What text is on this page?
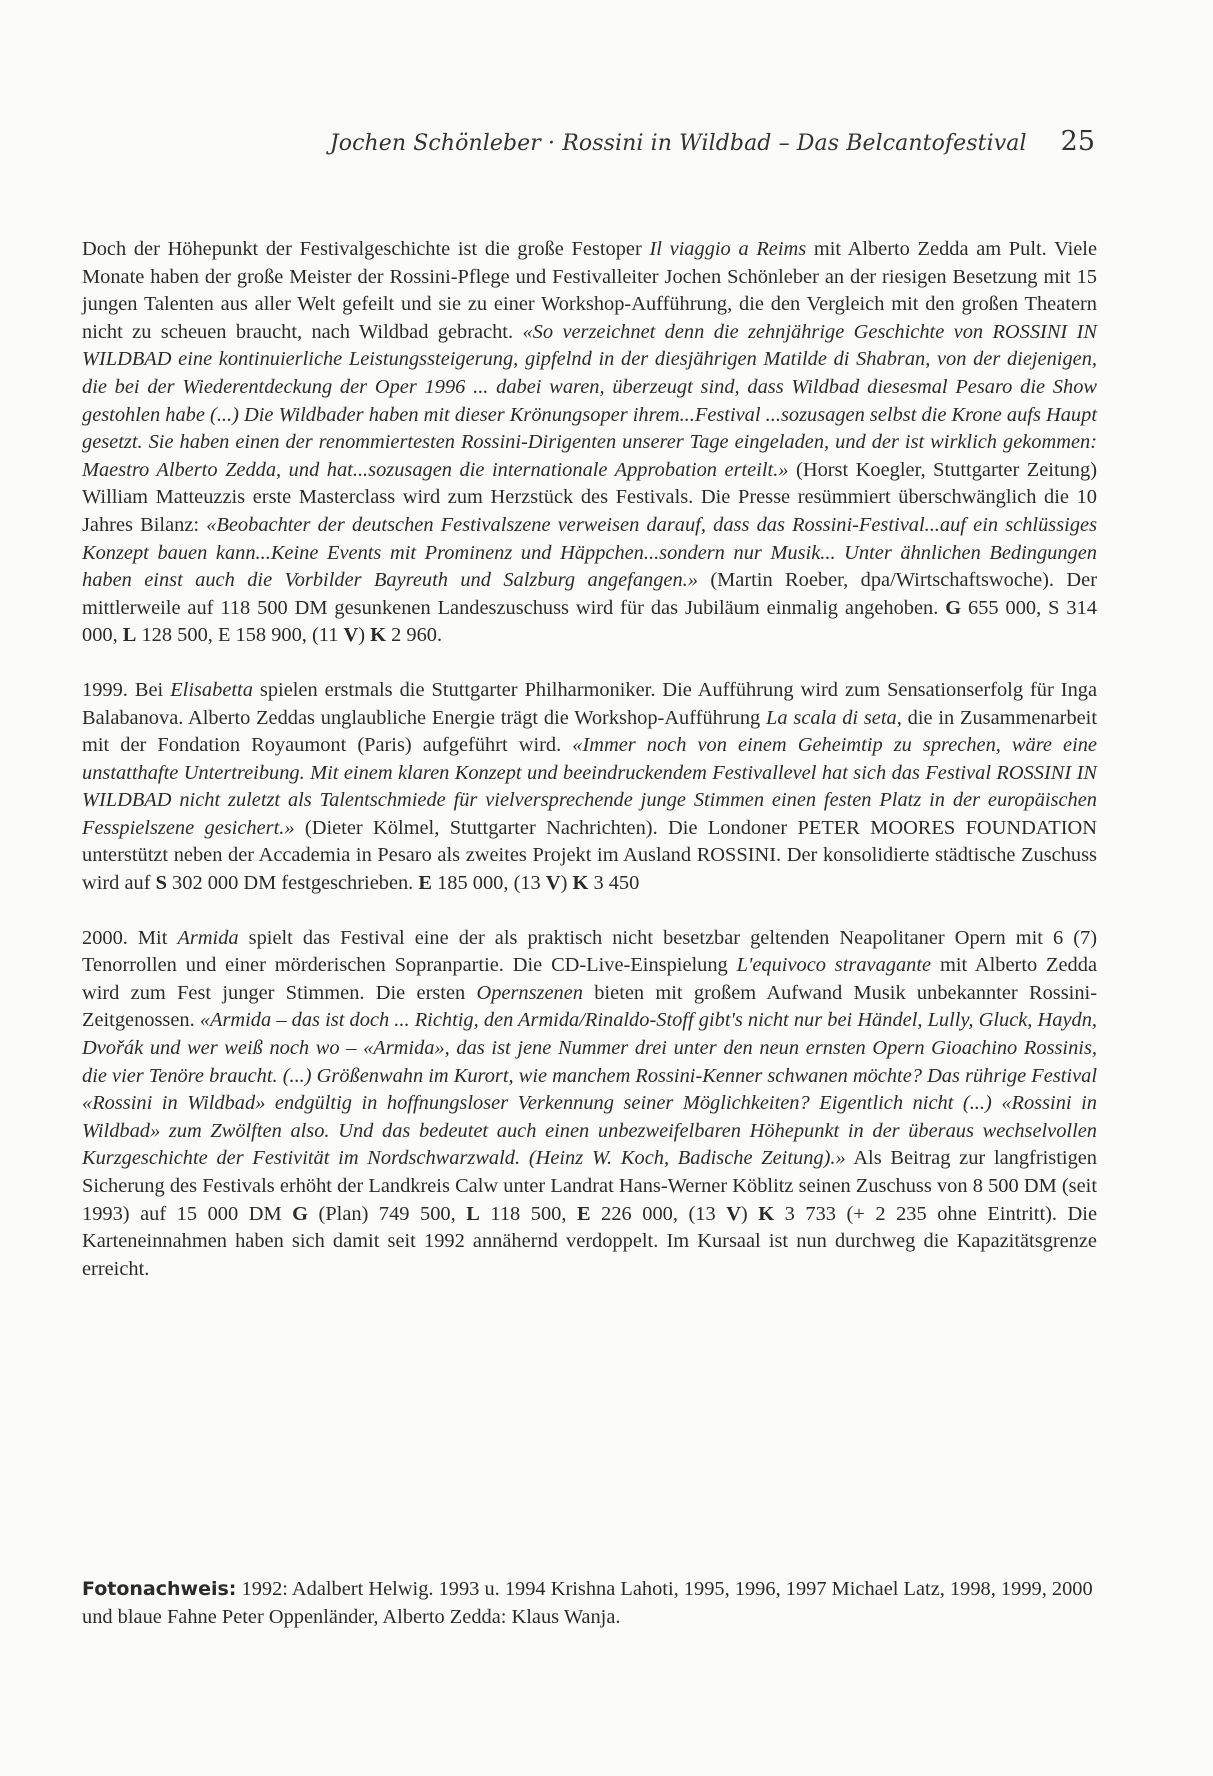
Jochen Schönleber · Rossini in Wildbad – Das Belcantofestival 25

Doch der Höhepunkt der Festivalgeschichte ist die große Festoper Il viaggio a Reims mit Alberto Zedda am Pult. Viele Monate haben der große Meister der Rossini-Pflege und Festivalleiter Jochen Schönleber an der riesigen Besetzung mit 15 jungen Talenten aus aller Welt gefeilt und sie zu einer Workshop-Aufführung, die den Vergleich mit den großen Theatern nicht zu scheuen braucht, nach Wildbad gebracht. «So verzeichnet denn die zehnjährige Geschichte von ROSSINI IN WILDBAD eine kontinuierliche Leistungssteigerung, gipfelnd in der diesjährigen Matilde di Shabran, von der diejenigen, die bei der Wiederentdeckung der Oper 1996 ... dabei waren, überzeugt sind, dass Wildbad diesesmal Pesaro die Show gestohlen habe (...) Die Wildbader haben mit dieser Krönungsoper ihrem...Festival ...sozusagen selbst die Krone aufs Haupt gesetzt. Sie haben einen der renommiertesten Rossini-Dirigenten unserer Tage eingeladen, und der ist wirklich gekommen: Maestro Alberto Zedda, und hat...sozusagen die internationale Approbation erteilt.» (Horst Koegler, Stuttgarter Zeitung) William Matteuzzis erste Masterclass wird zum Herzstück des Festivals. Die Presse resümmiert überschwänglich die 10 Jahres Bilanz: «Beobachter der deutschen Festivalszene verweisen darauf, dass das Rossini-Festival...auf ein schlüssiges Konzept bauen kann...Keine Events mit Prominenz und Häppchen...sondern nur Musik... Unter ähnlichen Bedingungen haben einst auch die Vorbilder Bayreuth und Salzburg angefangen.» (Martin Roeber, dpa/Wirtschaftswoche). Der mittlerweile auf 118 500 DM gesunkenen Landeszuschuss wird für das Jubiläum einmalig angehoben. G 655 000, S 314 000, L 128 500, E 158 900, (11 V) K 2 960.

1999. Bei Elisabetta spielen erstmals die Stuttgarter Philharmoniker. Die Aufführung wird zum Sensationserfolg für Inga Balabanova. Alberto Zeddas unglaubliche Energie trägt die Workshop-Aufführung La scala di seta, die in Zusammenarbeit mit der Fondation Royaumont (Paris) aufgeführt wird. «Immer noch von einem Geheimtip zu sprechen, wäre eine unstatthafte Untertreibung. Mit einem klaren Konzept und beeindruckendem Festivallevel hat sich das Festival ROSSINI IN WILDBAD nicht zuletzt als Talentschmiede für vielversprechende junge Stimmen einen festen Platz in der europäischen Fesspielszene gesichert.» (Dieter Kölmel, Stuttgarter Nachrichten). Die Londoner PETER MOORES FOUNDATION unterstützt neben der Accademia in Pesaro als zweites Projekt im Ausland ROSSINI. Der konsolidierte städtische Zuschuss wird auf S 302 000 DM festgeschrieben. E 185 000, (13 V) K 3 450

2000. Mit Armida spielt das Festival eine der als praktisch nicht besetzbar geltenden Neapolitaner Opern mit 6 (7) Tenorrollen und einer mörderischen Sopranpartie. Die CD-Live-Einspielung L'equivoco stravagante mit Alberto Zedda wird zum Fest junger Stimmen. Die ersten Opernszenen bieten mit großem Aufwand Musik unbekannter Rossini-Zeitgenossen. «Armida – das ist doch ... Richtig, den Armida/Rinaldo-Stoff gibt's nicht nur bei Händel, Lully, Gluck, Haydn, Dvořák und wer weiß noch wo – «Armida», das ist jene Nummer drei unter den neun ernsten Opern Gioachino Rossinis, die vier Tenöre braucht. (...) Größenwahn im Kurort, wie manchem Rossini-Kenner schwanen möchte? Das rührige Festival «Rossini in Wildbad» endgültig in hoffnungsloser Verkennung seiner Möglichkeiten? Eigentlich nicht (...) «Rossini in Wildbad» zum Zwölften also. Und das bedeutet auch einen unbezweifelbaren Höhepunkt in der überaus wechselvollen Kurzgeschichte der Festivität im Nordschwarzwald. (Heinz W. Koch, Badische Zeitung).» Als Beitrag zur langfristigen Sicherung des Festivals erhöht der Landkreis Calw unter Landrat Hans-Werner Köblitz seinen Zuschuss von 8 500 DM (seit 1993) auf 15 000 DM G (Plan) 749 500, L 118 500, E 226 000, (13 V) K 3 733 (+ 2 235 ohne Eintritt). Die Karteneinnahmen haben sich damit seit 1992 annähernd verdoppelt. Im Kursaal ist nun durchweg die Kapazitätsgrenze erreicht.

Fotonachweis: 1992: Adalbert Helwig. 1993 u. 1994 Krishna Lahoti, 1995, 1996, 1997 Michael Latz, 1998, 1999, 2000 und blaue Fahne Peter Oppenländer, Alberto Zedda: Klaus Wanja.
